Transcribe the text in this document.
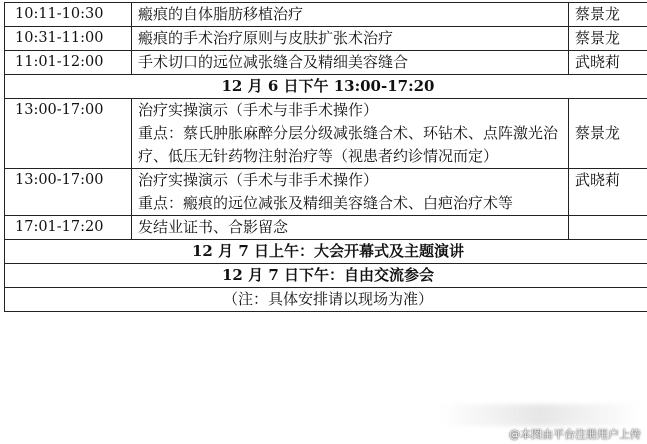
10:11-10:30	瘢痕的自体脂肪移植治疗	蔡景龙
10:31-11:00	瘢痕的手术治疗原则与皮肤扩张术治疗	蔡景龙
11:01-12:00	手术切口的远位减张缝合及精细美容缝合	武晓莉
12 月 6 日下午 13:00-17:20		
13:00-17:00	治疗实操演示（手术与非手术操作）
重点：蔡氏肿胀麻醉分层分级减张缝合术、环钻术、点阵激光治疗、低压无针药物注射治疗等（视患者约诊情况而定）	蔡景龙
13:00-17:00	治疗实操演示（手术与非手术操作）
重点：瘢痕的远位减张及精细美容缝合术、白疤治疗术等	武晓莉
17:01-17:20	发结业证书、合影留念	
12 月 7 日上午：大会开幕式及主题演讲		
12 月 7 日下午：自由交流参会		
（注：具体安排请以现场为准）		
@本图由平台注册用户上传
